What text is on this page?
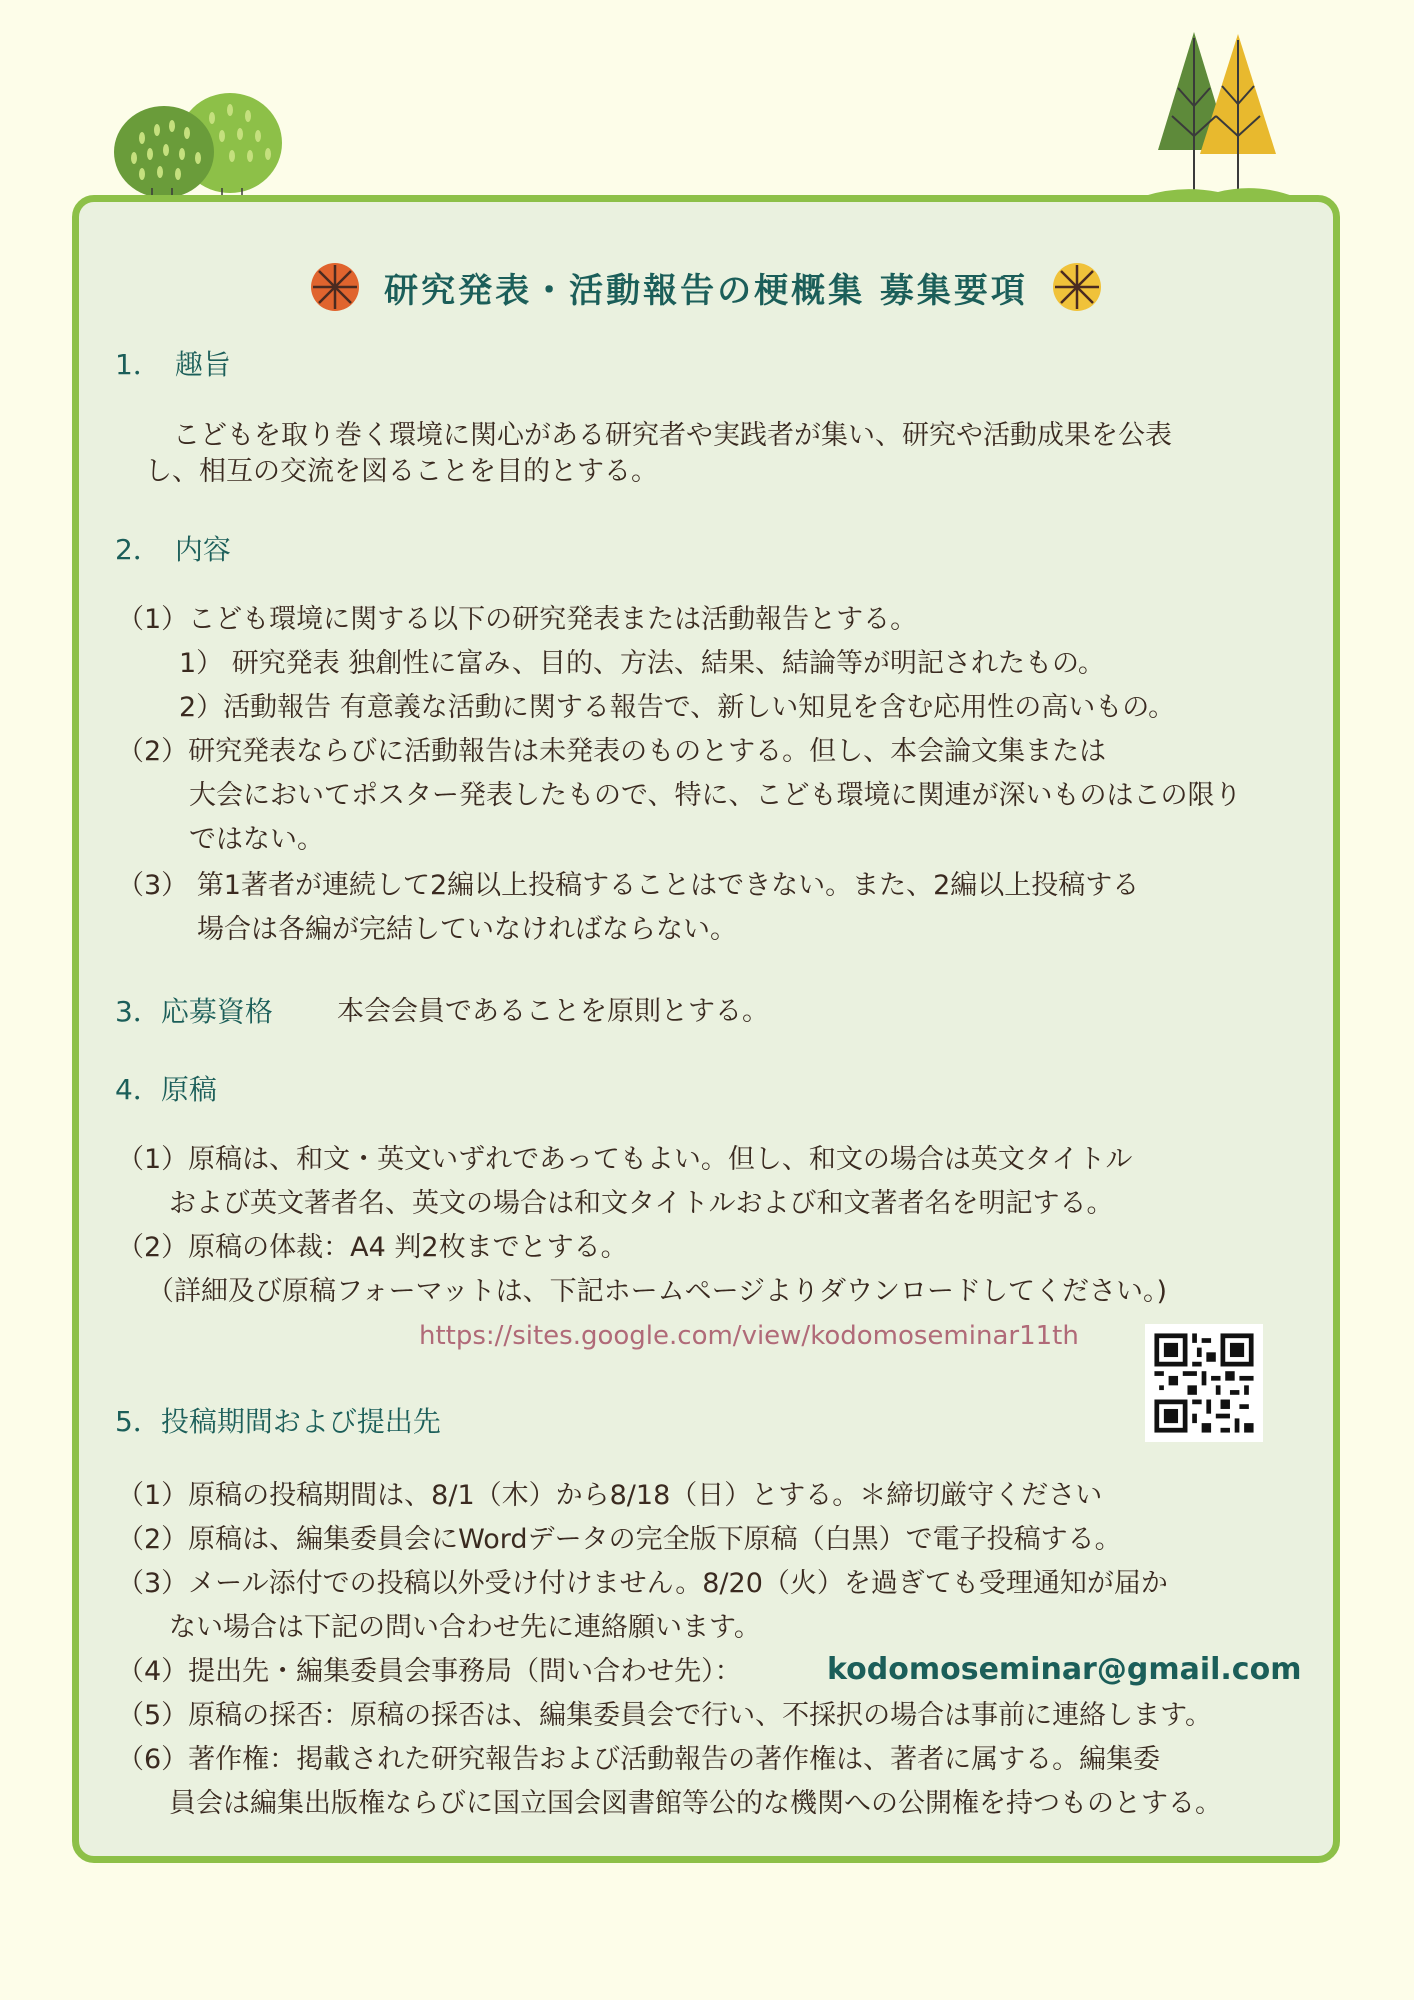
研究発表・活動報告の梗概集 募集要項
1．　趣旨
こどもを取り巻く環境に関心がある研究者や実践者が集い、研究や活動成果を公表
し、相互の交流を図ることを目的とする。
2．　内容
（1）こども環境に関する以下の研究発表または活動報告とする。
1） 研究発表 独創性に富み、目的、方法、結果、結論等が明記されたもの。
2）活動報告 有意義な活動に関する報告で、新しい知見を含む応用性の高いもの。
（2）研究発表ならびに活動報告は未発表のものとする。但し、本会論文集または
大会においてポスター発表したもので、特に、こども環境に関連が深いものはこの限り
ではない。
（3） 第1著者が連続して2編以上投稿することはできない。また、2編以上投稿する
場合は各編が完結していなければならない。
3．応募資格 本会会員であることを原則とする。
4．原稿
（1）原稿は、和文・英文いずれであってもよい。但し、和文の場合は英文タイトル
および英文著者名、英文の場合は和文タイトルおよび和文著者名を明記する。
（2）原稿の体裁：A4 判2枚までとする。
（詳細及び原稿フォーマットは、下記ホームページよりダウンロードしてください。)
https://sites.google.com/view/kodomoseminar11th
5．投稿期間および提出先
（1）原稿の投稿期間は、8/1（木）から8/18（日）とする。＊締切厳守ください
（2）原稿は、編集委員会にWordデータの完全版下原稿（白黒）で電子投稿する。
（3）メール添付での投稿以外受け付けません。8/20（火）を過ぎても受理通知が届か
ない場合は下記の問い合わせ先に連絡願います。
（4）提出先・編集委員会事務局（問い合わせ先）：	kodomoseminar@gmail.com
（5）原稿の採否：原稿の採否は、編集委員会で行い、不採択の場合は事前に連絡します。
（6）著作権：掲載された研究報告および活動報告の著作権は、著者に属する。編集委
員会は編集出版権ならびに国立国会図書館等公的な機関への公開権を持つものとする。
